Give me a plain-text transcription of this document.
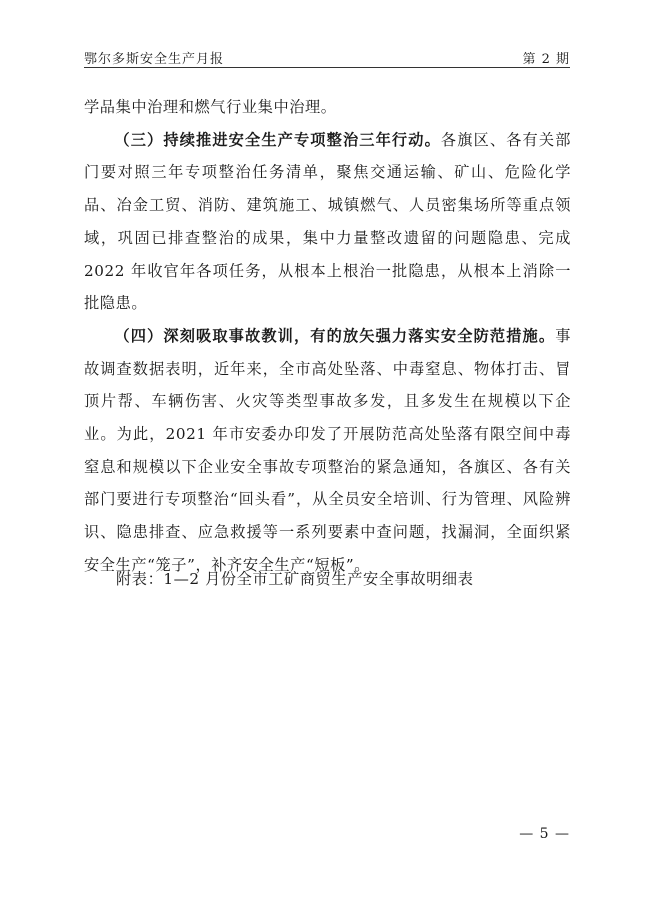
鄂尔多斯安全生产月报	第 2 期

学品集中治理和燃气行业集中治理。

（三）持续推进安全生产专项整治三年行动。各旗区、各有关部门要对照三年专项整治任务清单，聚焦交通运输、矿山、危险化学品、冶金工贸、消防、建筑施工、城镇燃气、人员密集场所等重点领域，巩固已排查整治的成果，集中力量整改遗留的问题隐患、完成 2022 年收官年各项任务，从根本上根治一批隐患，从根本上消除一批隐患。

（四）深刻吸取事故教训，有的放矢强力落实安全防范措施。事故调查数据表明，近年来，全市高处坠落、中毒窒息、物体打击、冒顶片帮、车辆伤害、火灾等类型事故多发，且多发生在规模以下企业。为此，2021 年市安委办印发了开展防范高处坠落有限空间中毒窒息和规模以下企业安全事故专项整治的紧急通知，各旗区、各有关部门要进行专项整治“回头看”，从全员安全培训、行为管理、风险辨识、隐患排查、应急救援等一系列要素中查问题，找漏洞，全面织紧安全生产“笼子”，补齐安全生产“短板”。

附表：1—2 月份全市工矿商贸生产安全事故明细表
— 5 —
